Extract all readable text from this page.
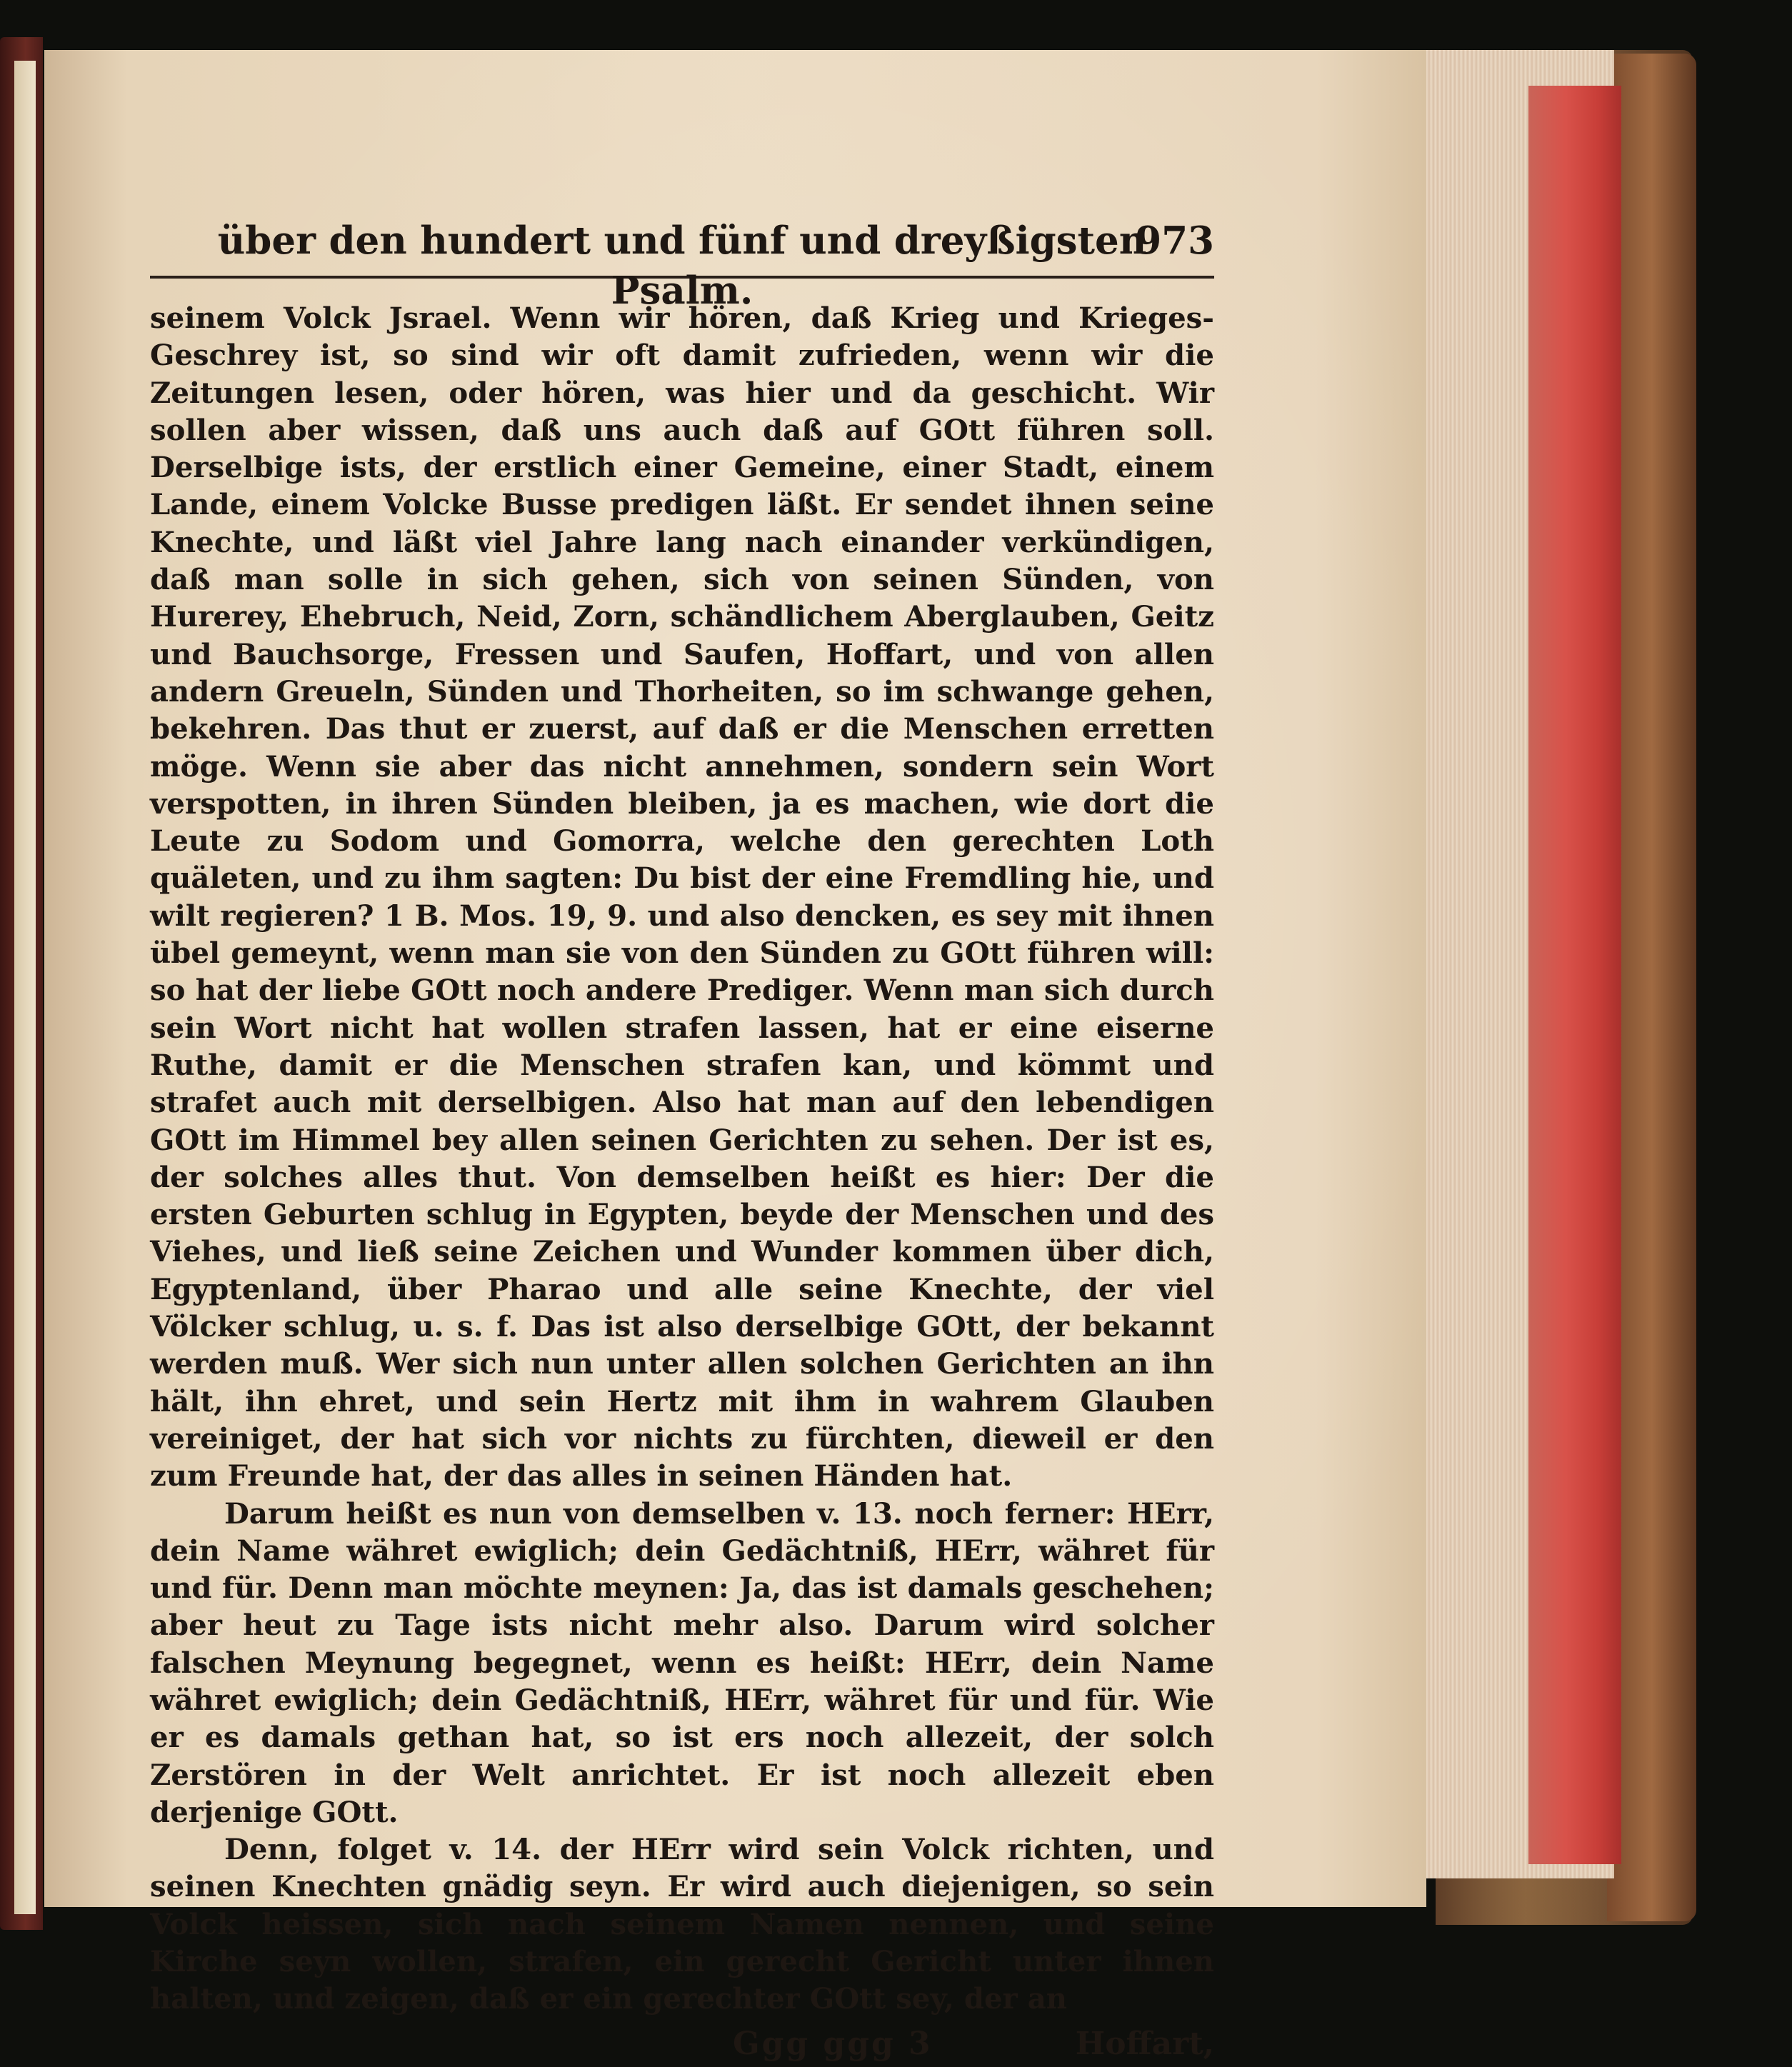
über den hundert und fünf und dreyßigsten Psalm.
973

seinem Volck Jsrael. Wenn wir hören, daß Krieg und Krieges-Geschrey ist, so sind wir oft damit zufrieden, wenn wir die Zeitungen lesen, oder hören, was hier und da geschicht. Wir sollen aber wissen, daß uns auch daß auf GOtt führen soll. Derselbige ists, der erstlich einer Gemeine, einer Stadt, einem Lande, einem Volcke Busse predigen läßt. Er sendet ihnen seine Knechte, und läßt viel Jahre lang nach einander verkündigen, daß man solle in sich gehen, sich von seinen Sünden, von Hurerey, Ehebruch, Neid, Zorn, schändlichem Aberglauben, Geitz und Bauchsorge, Fressen und Saufen, Hoffart, und von allen andern Greueln, Sünden und Thorheiten, so im schwange gehen, bekehren. Das thut er zuerst, auf daß er die Menschen erretten möge. Wenn sie aber das nicht annehmen, sondern sein Wort verspotten, in ihren Sünden bleiben, ja es machen, wie dort die Leute zu Sodom und Gomorra, welche den gerechten Loth quäleten, und zu ihm sagten: Du bist der eine Fremdling hie, und wilt regieren? 1 B. Mos. 19, 9. und also dencken, es sey mit ihnen übel gemeynt, wenn man sie von den Sünden zu GOtt führen will: so hat der liebe GOtt noch andere Prediger. Wenn man sich durch sein Wort nicht hat wollen strafen lassen, hat er eine eiserne Ruthe, damit er die Menschen strafen kan, und kömmt und strafet auch mit derselbigen. Also hat man auf den lebendigen GOtt im Himmel bey allen seinen Gerichten zu sehen. Der ist es, der solches alles thut. Von demselben heißt es hier: Der die ersten Geburten schlug in Egypten, beyde der Menschen und des Viehes, und ließ seine Zeichen und Wunder kommen über dich, Egyptenland, über Pharao und alle seine Knechte, der viel Völcker schlug, u. s. f. Das ist also derselbige GOtt, der bekannt werden muß. Wer sich nun unter allen solchen Gerichten an ihn hält, ihn ehret, und sein Hertz mit ihm in wahrem Glauben vereiniget, der hat sich vor nichts zu fürchten, dieweil er den zum Freunde hat, der das alles in seinen Händen hat.

Darum heißt es nun von demselben v. 13. noch ferner: HErr, dein Name währet ewiglich; dein Gedächtniß, HErr, währet für und für. Denn man möchte meynen: Ja, das ist damals geschehen; aber heut zu Tage ists nicht mehr also. Darum wird solcher falschen Meynung begegnet, wenn es heißt: HErr, dein Name währet ewiglich; dein Gedächtniß, HErr, währet für und für. Wie er es damals gethan hat, so ist ers noch allezeit, der solch Zerstören in der Welt anrichtet. Er ist noch allezeit eben derjenige GOtt.

Denn, folget v. 14. der HErr wird sein Volck richten, und seinen Knechten gnädig seyn. Er wird auch diejenigen, so sein Volck heissen, sich nach seinem Namen nennen, und seine Kirche seyn wollen, strafen, ein gerecht Gericht unter ihnen halten, und zeigen, daß er ein gerechter GOtt sey, der an

Ggg ggg 3	Hoffart,
